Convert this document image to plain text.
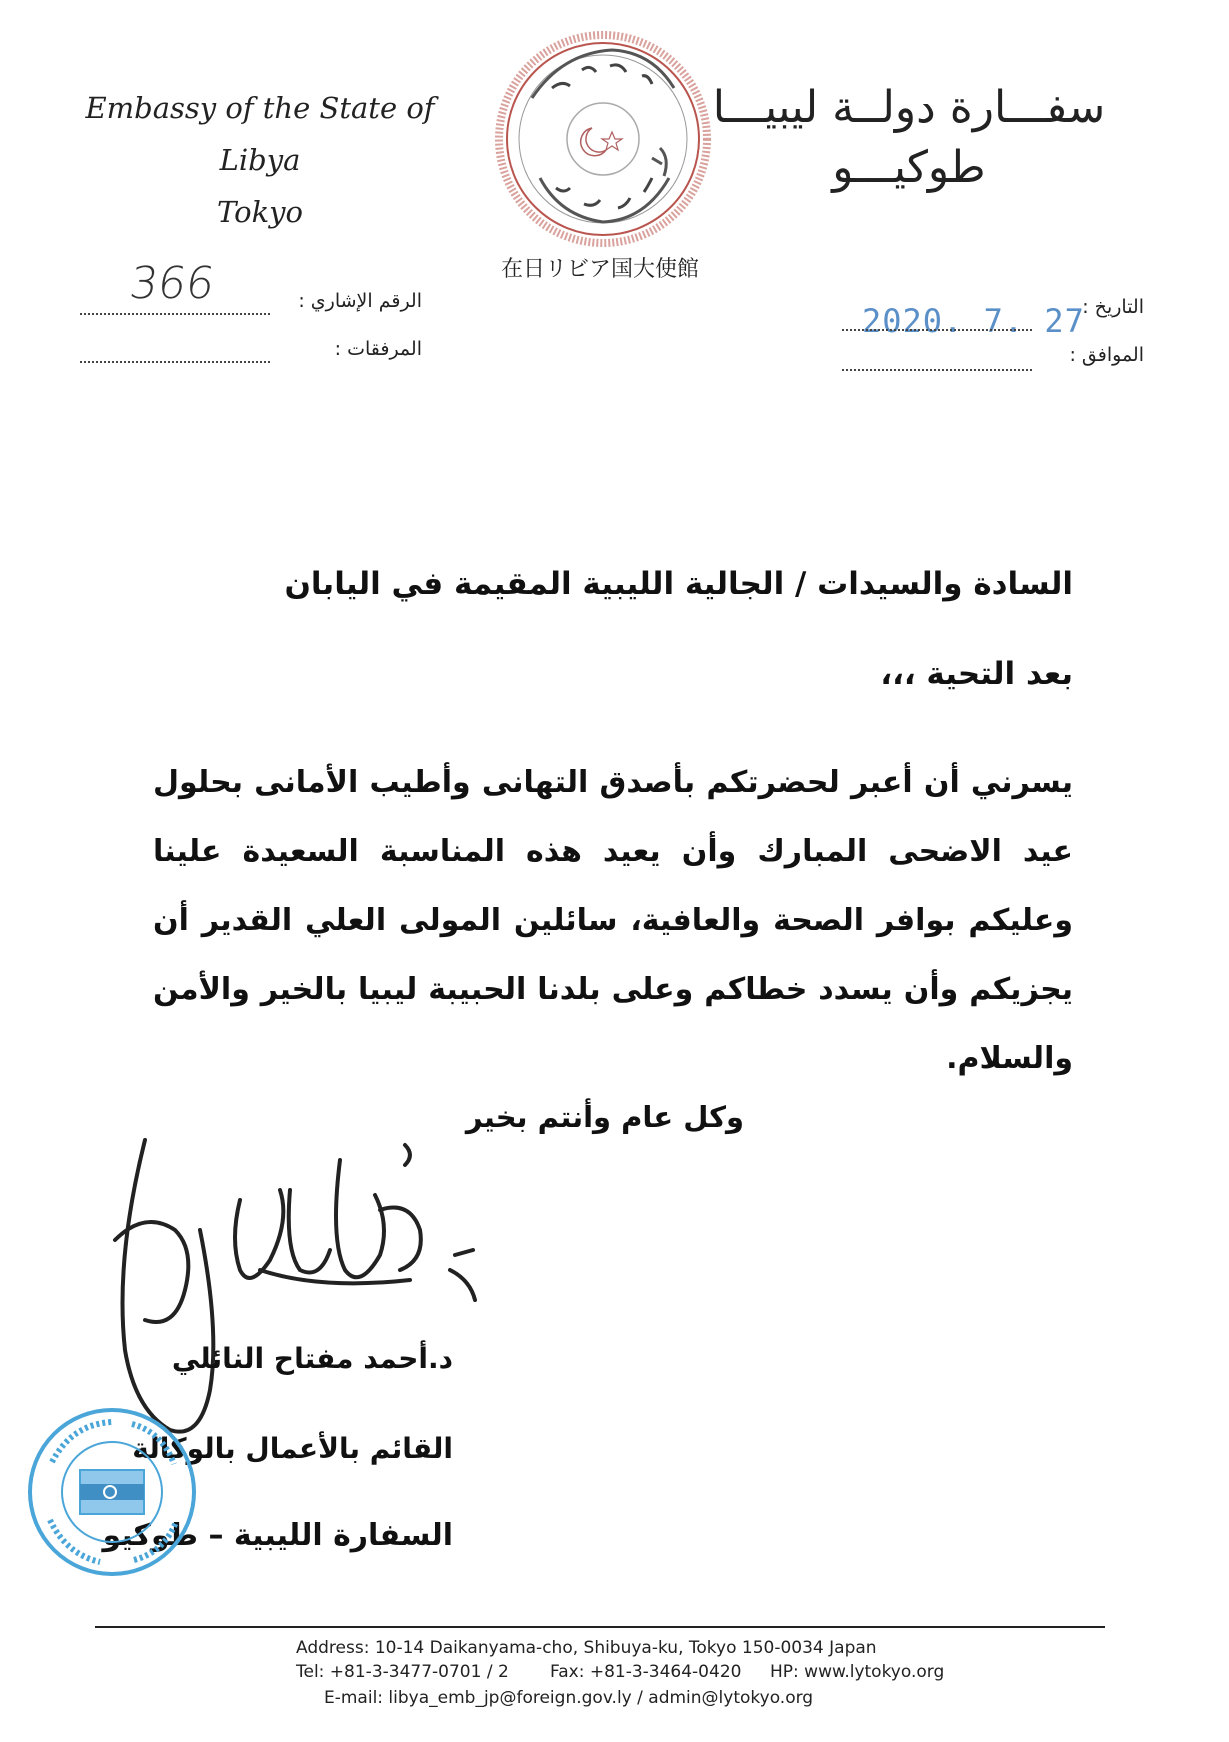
Embassy of the State of Libya
Tokyo
سفـــارة دولــة ليبيـــا
طوكيـــو
在日リビア国大使館
366	الرقم الإشاري :
المرفقات :
2020. 7. 27
التاريخ :
الموافق :
السادة والسيدات / الجالية الليبية المقيمة في اليابان
بعد التحية ،،،
يسرني أن أعبر لحضرتكم بأصدق التهانى وأطيب الأمانى بحلول عيد الاضحى المبارك وأن يعيد هذه المناسبة السعيدة علينا وعليكم بوافر الصحة والعافية، سائلين المولى العلي القدير أن يجزيكم وأن يسدد خطاكم وعلى بلدنا الحبيبة ليبيا بالخير والأمن والسلام.
وكل عام وأنتم بخير
د.أحمد مفتاح النائلي
القائم بالأعمال بالوكالة
السفارة الليبية – طوكيو
Address: 10-14 Daikanyama-cho, Shibuya-ku, Tokyo 150-0034 Japan
Tel: +81-3-3477-0701 / 2 Fax: +81-3-3464-0420 HP: www.lytokyo.org
E-mail: libya_emb_jp@foreign.gov.ly / admin@lytokyo.org
